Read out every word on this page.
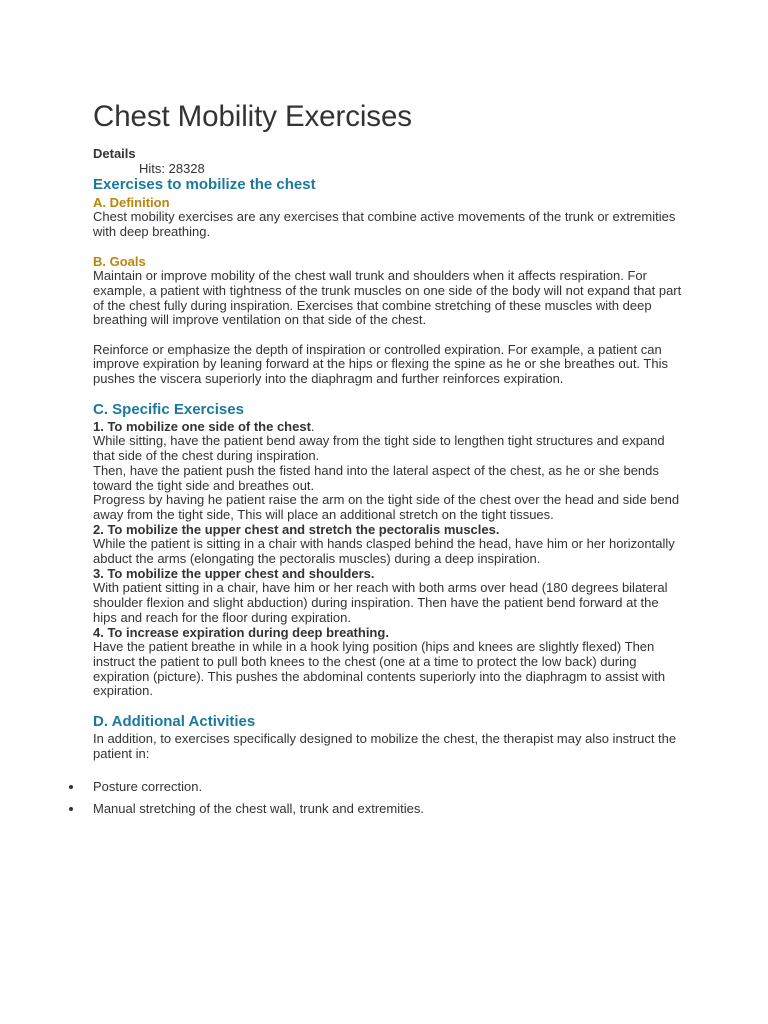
Chest Mobility Exercises
Details
Hits: 28328
Exercises to mobilize the chest
A. Definition

Chest mobility exercises are any exercises that combine active movements of the trunk or extremities with deep breathing.

B. Goals

Maintain or improve mobility of the chest wall trunk and shoulders when it affects respiration. For example, a patient with tightness of the trunk muscles on one side of the body will not expand that part of the chest fully during inspiration. Exercises that combine stretching of these muscles with deep breathing will improve ventilation on that side of the chest.

Reinforce or emphasize the depth of inspiration or controlled expiration. For example, a patient can improve expiration by leaning forward at the hips or flexing the spine as he or she breathes out. This pushes the viscera superiorly into the diaphragm and further reinforces expiration.

C. Specific Exercises

1. To mobilize one side of the chest.

While sitting, have the patient bend away from the tight side to lengthen tight structures and expand that side of the chest during inspiration.

Then, have the patient push the fisted hand into the lateral aspect of the chest, as he or she bends toward the tight side and breathes out.

Progress by having he patient raise the arm on the tight side of the chest over the head and side bend away from the tight side, This will place an additional stretch on the tight tissues.

2. To mobilize the upper chest and stretch the pectoralis muscles.

While the patient is sitting in a chair with hands clasped behind the head, have him or her horizontally abduct the arms (elongating the pectoralis muscles) during a deep inspiration.

3. To mobilize the upper chest and shoulders.

With patient sitting in a chair, have him or her reach with both arms over head (180 degrees bilateral shoulder flexion and slight abduction) during inspiration. Then have the patient bend forward at the hips and reach for the floor during expiration.

4. To increase expiration during deep breathing.

Have the patient breathe in while in a hook lying position (hips and knees are slightly flexed) Then instruct the patient to pull both knees to the chest (one at a time to protect the low back) during expiration (picture). This pushes the abdominal contents superiorly into the diaphragm to assist with expiration.

D. Additional Activities

In addition, to exercises specifically designed to mobilize the chest, the therapist may also instruct the patient in:

Posture correction.
Manual stretching of the chest wall, trunk and extremities.
